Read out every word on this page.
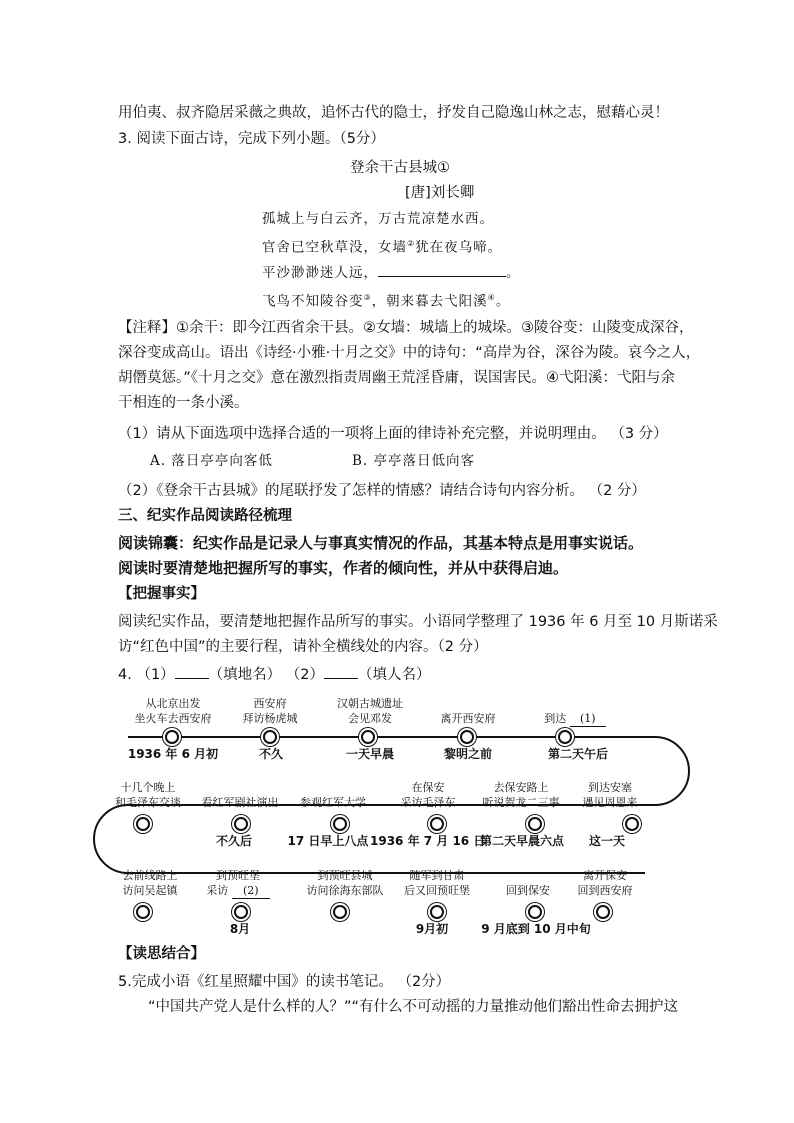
用伯夷、叔齐隐居采薇之典故，追怀古代的隐士，抒发自己隐逸山林之志，慰藉心灵！
3. 阅读下面古诗，完成下列小题。（5分）
登余干古县城①
[唐]刘长卿
孤城上与白云齐，万古荒凉楚水西。
官舍已空秋草没，女墙②犹在夜乌啼。
平沙渺渺迷人远，	。
飞鸟不知陵谷变③，朝来暮去弋阳溪④。
【注释】①余干：即今江西省余干县。②女墙：城墙上的城垛。③陵谷变：山陵变成深谷，
深谷变成高山。语出《诗经·小雅·十月之交》中的诗句：“高岸为谷，深谷为陵。哀今之人，
胡僭莫惩。”《十月之交》意在激烈指责周幽王荒淫昏庸，误国害民。④弋阳溪：弋阳与余
干相连的一条小溪。
（1）请从下面选项中选择合适的一项将上面的律诗补充完整，并说明理由。 （3 分）
A. 落日亭亭向客低	B. 亭亭落日低向客
（2）《登余干古县城》的尾联抒发了怎样的情感？请结合诗句内容分析。 （2 分）
三、纪实作品阅读路径梳理
阅读锦囊：纪实作品是记录人与事真实情况的作品，其基本特点是用事实说话。
阅读时要清楚地把握所写的事实，作者的倾向性，并从中获得启迪。
【把握事实】
阅读纪实作品，要清楚地把握作品所写的事实。小语同学整理了 1936 年 6 月至 10 月斯诺采
访“红色中国”的主要行程，请补全横线处的内容。（2 分）
4. （1） （填地名） （2） （填人名）
从北京出发
坐火车去西安府
西安府
拜访杨虎城
汉朝古城遗址
会见邓发	离开西安府	到达 (1)
十几个晚上
和毛泽东交谈	看红军剧社演出	参观红军大学
在保安
采访毛泽东
去保安路上
听说贺龙二三事
到达安塞
遇见周恩来
去前线路上
访问吴起镇
到预旺堡
采访 (2)
到预旺县城
访问徐海东部队
随军到甘肃
后又回预旺堡	回到保安
离开保安
回到西安府
1936 年 6 月初	不久	一天早晨	黎明之前	第二天午后
不久后	17 日早上八点 1936 年 7 月 16 日
第二天早晨六点	这一天
8月	9月初	9 月底到 10 月中旬
【读思结合】
5.完成小语《红星照耀中国》的读书笔记。 （2分）
“中国共产党人是什么样的人？”“有什么不可动摇的力量推动他们豁出性命去拥护这
